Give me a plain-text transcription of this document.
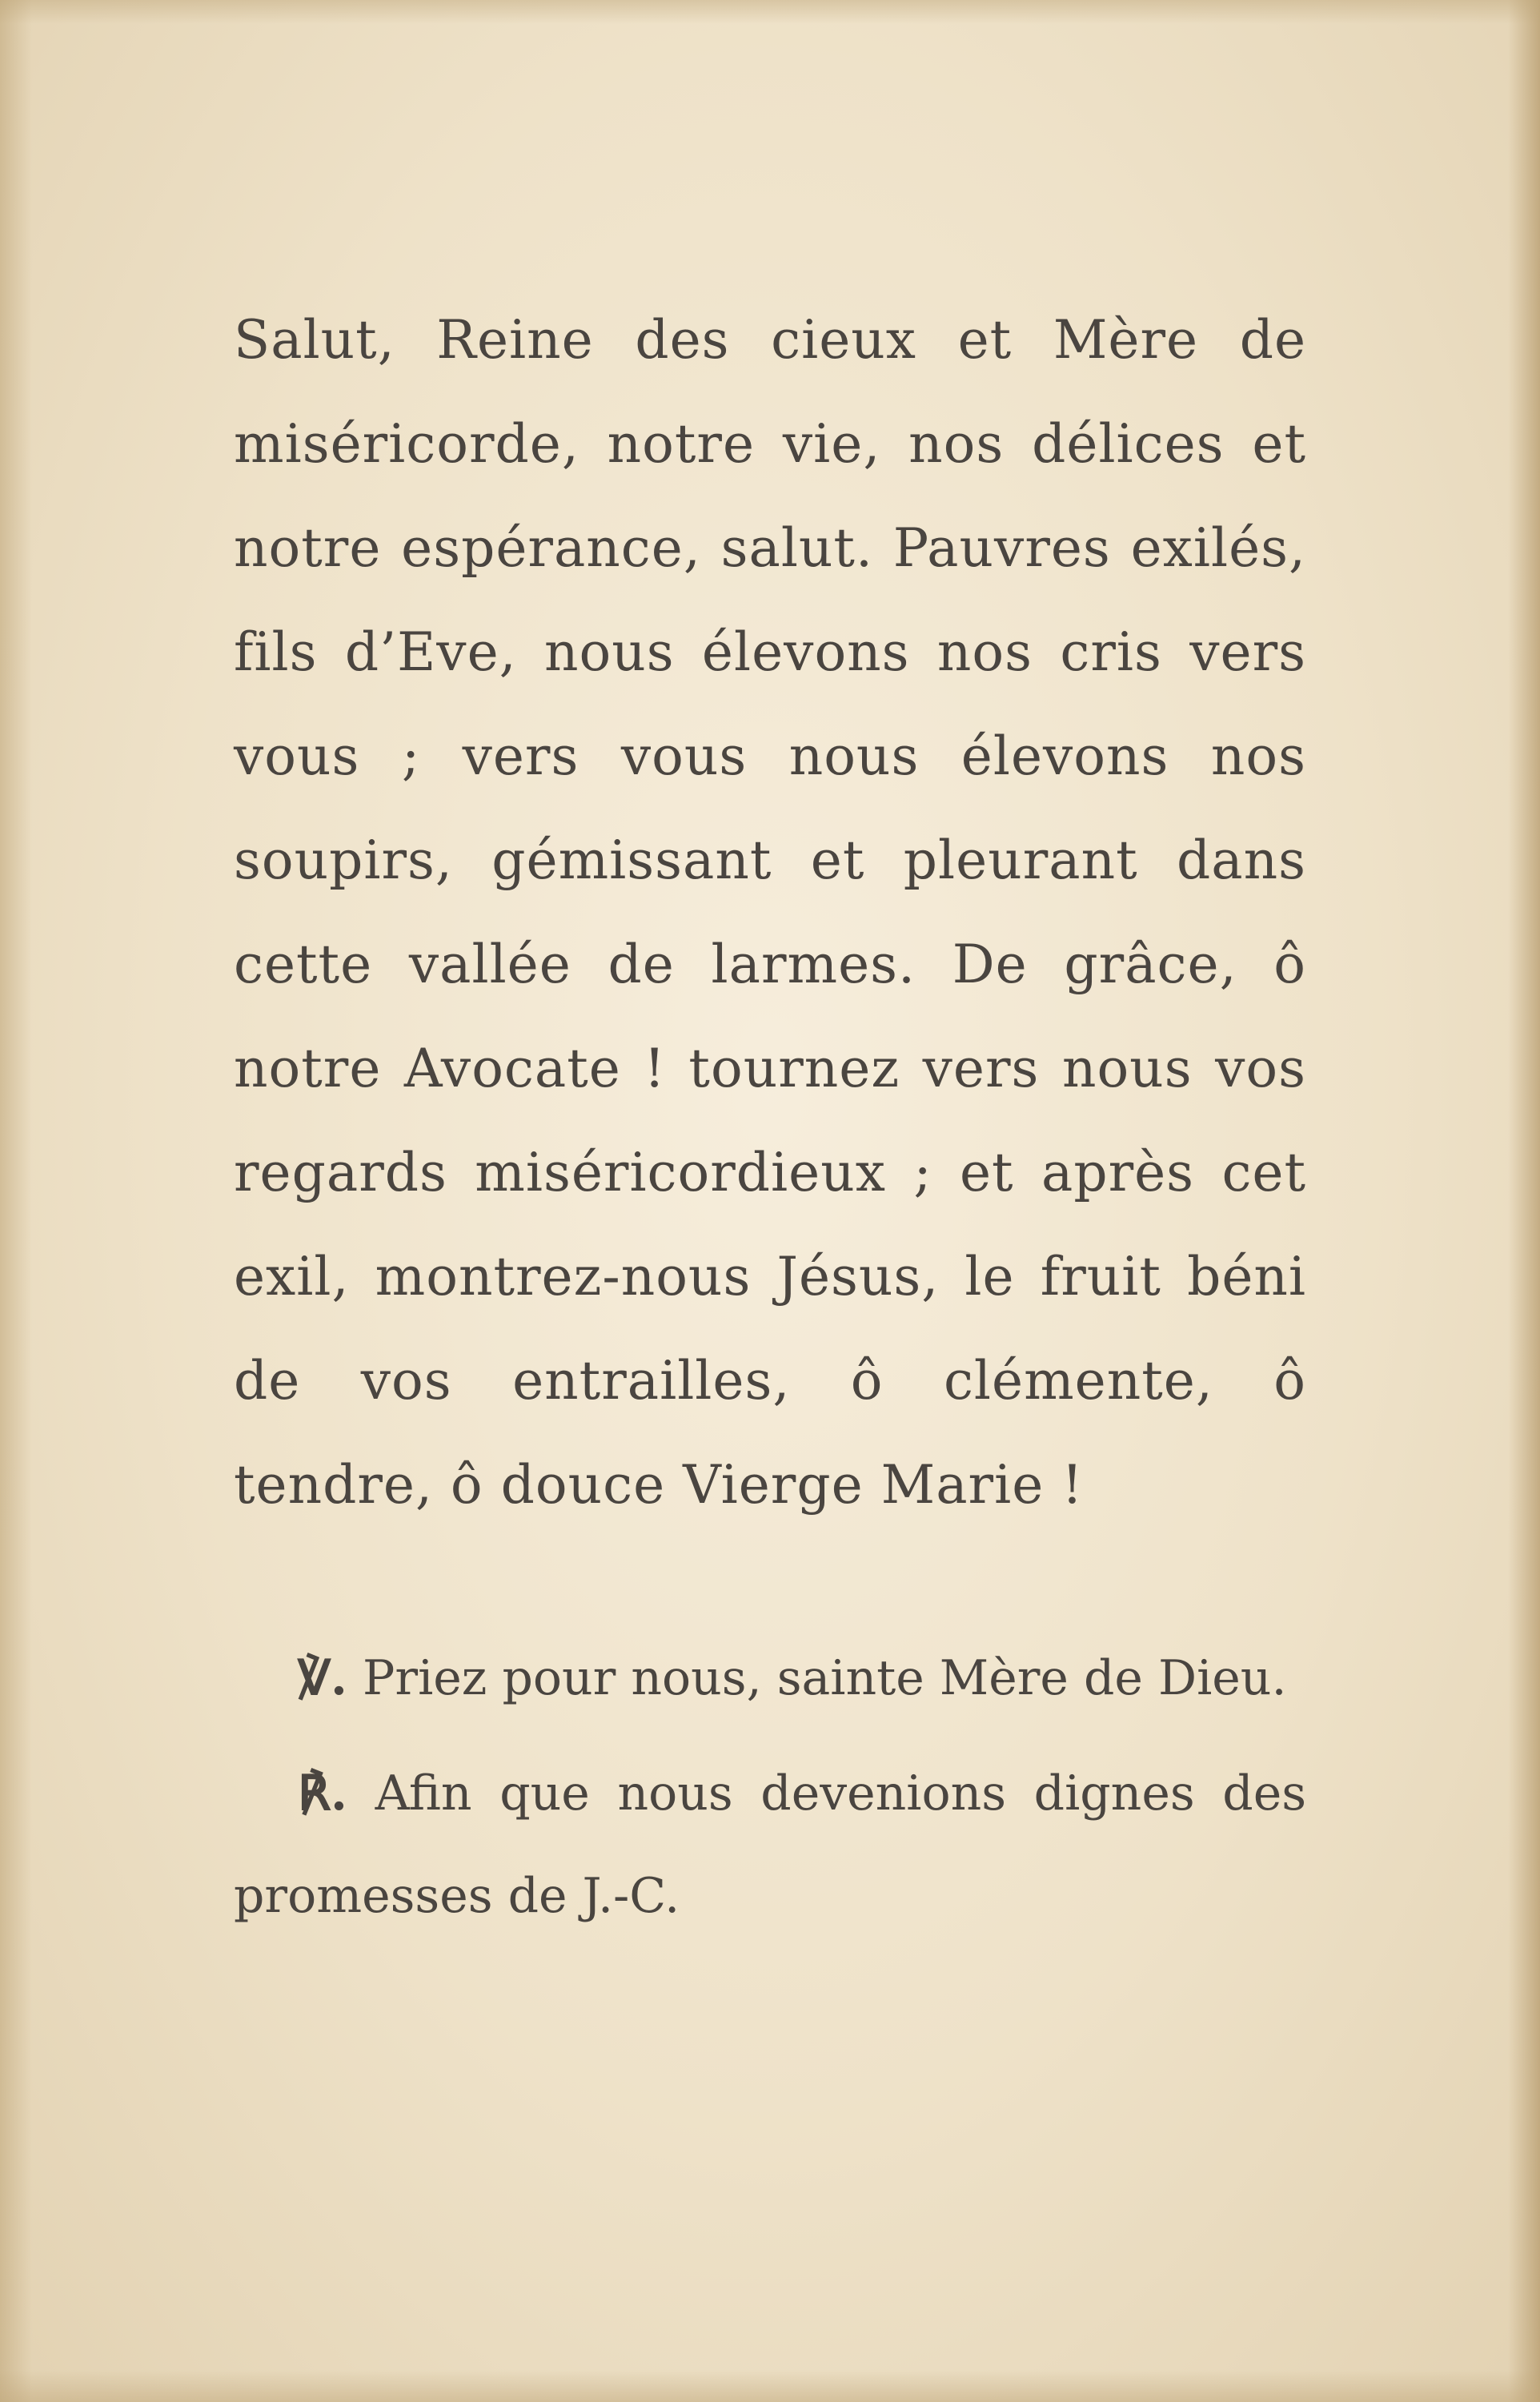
Salut, Reine des cieux et Mère de miséricorde, notre vie, nos délices et notre espérance, salut. Pauvres exilés, fils d’Eve, nous élevons nos cris vers vous ; vers vous nous élevons nos soupirs, gémissant et pleurant dans cette vallée de larmes. De grâce, ô notre Avocate ! tournez vers nous vos regards miséricordieux ; et après cet exil, montrez-nous Jésus, le fruit béni de vos entrailles, ô clémente, ô tendre, ô douce Vierge Marie !

℣. Priez pour nous, sainte Mère de Dieu.

℟. Afin que nous devenions dignes des promesses de J.-C.
